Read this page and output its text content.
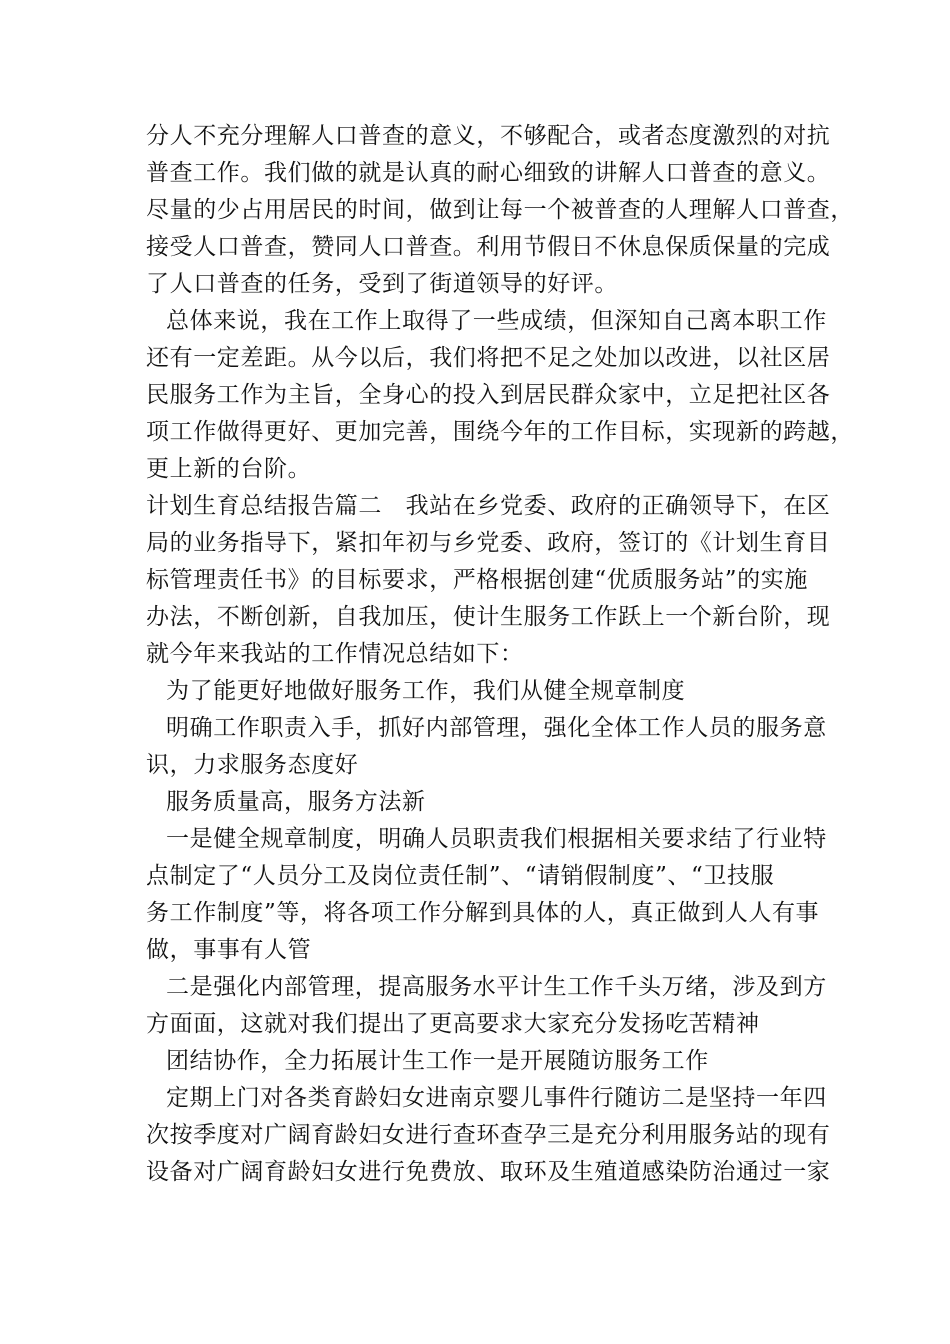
分人不充分理解人口普查的意义，不够配合，或者态度激烈的对抗
普查工作。我们做的就是认真的耐心细致的讲解人口普查的意义。
尽量的少占用居民的时间，做到让每一个被普查的人理解人口普查，
接受人口普查，赞同人口普查。利用节假日不休息保质保量的完成
了人口普查的任务，受到了街道领导的好评。
总体来说，我在工作上取得了一些成绩，但深知自己离本职工作
还有一定差距。从今以后，我们将把不足之处加以改进，以社区居
民服务工作为主旨，全身心的投入到居民群众家中，立足把社区各
项工作做得更好、更加完善，围绕今年的工作目标，实现新的跨越，
更上新的台阶。
计划生育总结报告篇二　我站在乡党委、政府的正确领导下，在区
局的业务指导下，紧扣年初与乡党委、政府，签订的《计划生育目
标管理责任书》的目标要求，严格根据创建“优质服务站”的实施
办法，不断创新，自我加压，使计生服务工作跃上一个新台阶，现
就今年来我站的工作情况总结如下：
为了能更好地做好服务工作，我们从健全规章制度
明确工作职责入手，抓好内部管理，强化全体工作人员的服务意
识，力求服务态度好
服务质量高，服务方法新
一是健全规章制度，明确人员职责我们根据相关要求结了行业特
点制定了“人员分工及岗位责任制”、“请销假制度”、“卫技服
务工作制度”等，将各项工作分解到具体的人，真正做到人人有事
做，事事有人管
二是强化内部管理，提高服务水平计生工作千头万绪，涉及到方
方面面，这就对我们提出了更高要求大家充分发扬吃苦精神
团结协作，全力拓展计生工作一是开展随访服务工作
定期上门对各类育龄妇女进南京婴儿事件行随访二是坚持一年四
次按季度对广阔育龄妇女进行查环查孕三是充分利用服务站的现有
设备对广阔育龄妇女进行免费放、取环及生殖道感染防治通过一家
